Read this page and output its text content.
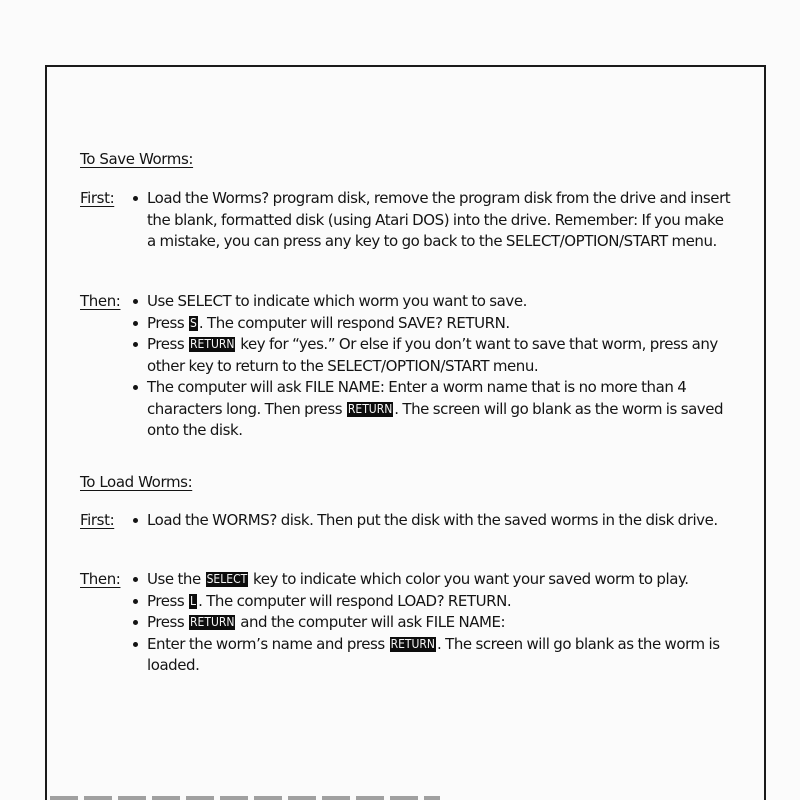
To Save Worms:
First:	Load the Worms? program disk, remove the program disk from the drive and insert the blank, formatted disk (using Atari DOS) into the drive. Remember: If you make a mistake, you can press any key to go back to the SELECT/OPTION/START menu.
Then:	Use SELECT to indicate which worm you want to save.
Press S . The computer will respond SAVE? RETURN.
Press RETURN key for “yes.” Or else if you don’t want to save that worm, press any other key to return to the SELECT/OPTION/START menu.
The computer will ask FILE NAME: Enter a worm name that is no more than 4 characters long. Then press RETURN . The screen will go blank as the worm is saved onto the disk.
To Load Worms:
First:	Load the WORMS? disk. Then put the disk with the saved worms in the disk drive.
Then:	Use the SELECT key to indicate which color you want your saved worm to play.
Press L . The computer will respond LOAD? RETURN.
Press RETURN and the computer will ask FILE NAME:
Enter the worm’s name and press RETURN . The screen will go blank as the worm is loaded.
